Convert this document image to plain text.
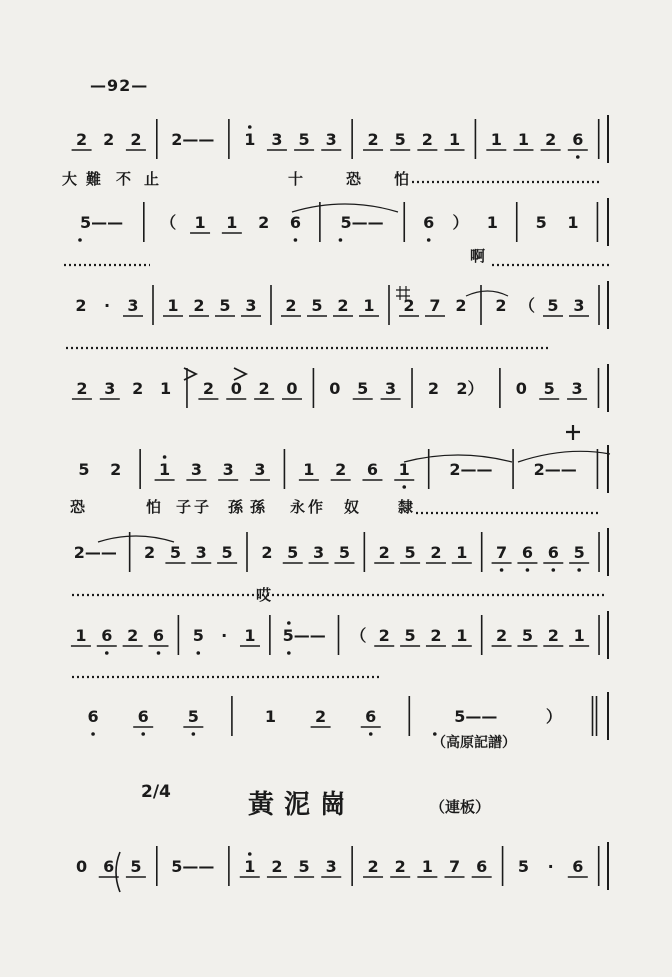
2 2 2 2—— 1 3 5 3 2 5 2 1 1 1 2 6
大 難 不 止	十	恐 怕
5—— （ 1 1 2 6 5—— 6 ） 1 5 1
啊
2 · 3 1 2 5 3 2 5 2 1 2 7 2 2 （ 5 3
2 3 2 1 2 0 2 0 0 5 3 2 2） 0 5 3
5 2 1 3 3 3 1 2 6 1 2——	2——
恐	怕 子 子 孫 孫 永 作 奴	隸
2—— 2 5 3 5 2 5 3 5 2 5 2 1 7 6 6 5
哎
1 6 2 6 5 · 1 5—— （ 2 5 2 1 2 5 2 1
6 6 5	1 2 6	5——	）
0 6 5 5—— 1 2 5 3 2 2 1 7 6 5 · 6
—92—
（高原記譜）
2/4	黃泥崗	（連板）
